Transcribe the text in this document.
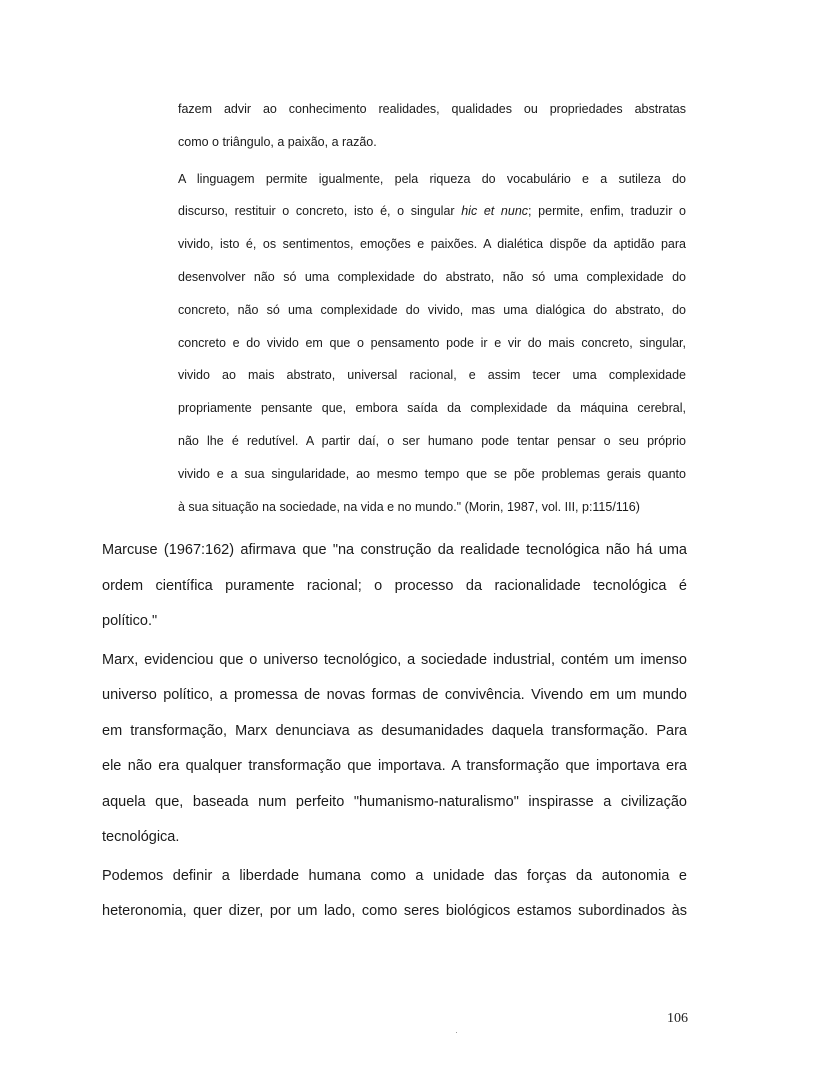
fazem advir ao conhecimento realidades, qualidades ou propriedades abstratas
como o triângulo, a paixão, a razão.
A linguagem permite igualmente, pela riqueza do vocabulário e a sutileza do
discurso, restituir o concreto, isto é, o singular hic et nunc; permite, enfim, traduzir o
vivido, isto é, os sentimentos, emoções e paixões. A dialética dispõe da aptidão para
desenvolver não só uma complexidade do abstrato, não só uma complexidade do
concreto, não só uma complexidade do vivido, mas uma dialógica do abstrato, do
concreto e do vivido em que o pensamento pode ir e vir do mais concreto, singular,
vivido ao mais abstrato, universal racional, e assim tecer uma complexidade
propriamente pensante que, embora saída da complexidade da máquina cerebral,
não lhe é redutível. A partir daí, o ser humano pode tentar pensar o seu próprio
vivido e a sua singularidade, ao mesmo tempo que se põe problemas gerais quanto
à sua situação na sociedade, na vida e no mundo." (Morin, 1987, vol. III, p:115/116)
Marcuse (1967:162) afirmava que "na construção da realidade tecnológica não há uma
ordem científica puramente racional; o processo da racionalidade tecnológica é
político."
Marx, evidenciou que o universo tecnológico, a sociedade industrial, contém um imenso
universo político, a promessa de novas formas de convivência. Vivendo em um mundo
em transformação, Marx denunciava as desumanidades daquela transformação. Para
ele não era qualquer transformação que importava. A transformação que importava era
aquela que, baseada num perfeito "humanismo-naturalismo" inspirasse a civilização
tecnológica.
Podemos definir a liberdade humana como a unidade das forças da autonomia e
heteronomia, quer dizer, por um lado, como seres biológicos estamos subordinados às
106
